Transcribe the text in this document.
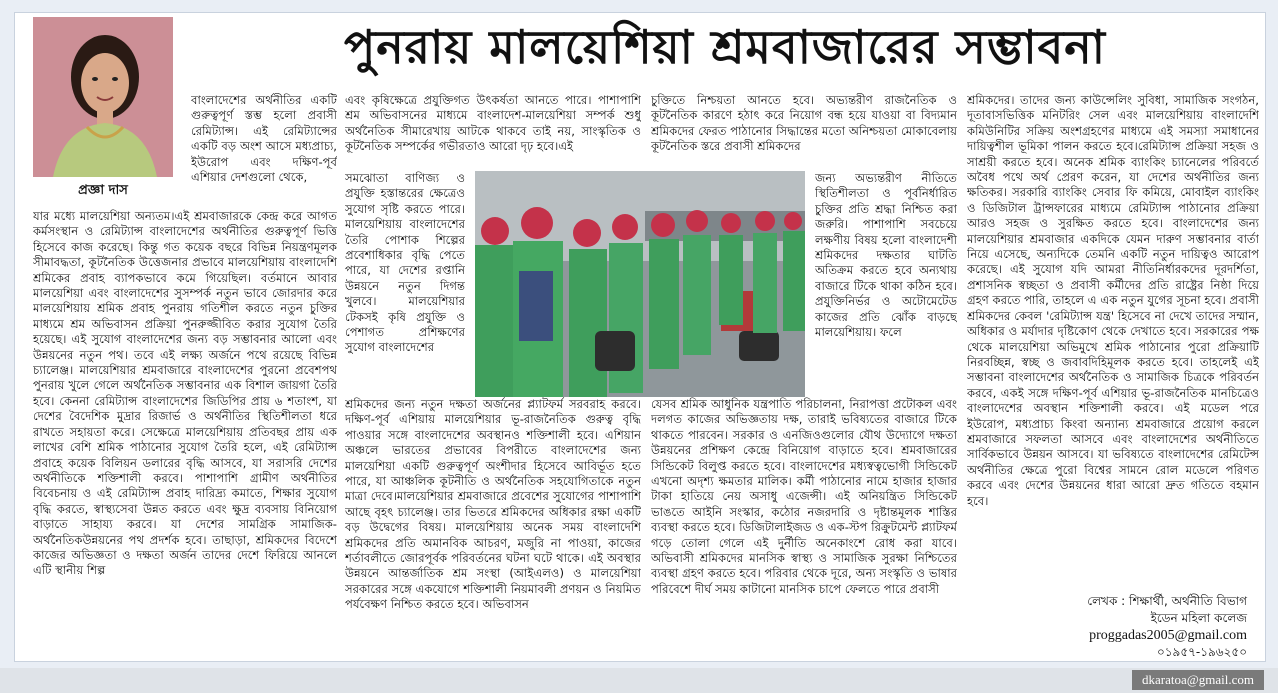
পুনরায় মালয়েশিয়া শ্রমবাজারের সম্ভাবনা
প্রজ্ঞা দাস

বাংলাদেশের অর্থনীতির একটি গুরুত্বপূর্ণ স্তম্ভ হলো প্রবাসী রেমিট্যান্স। এই রেমিট্যান্সের একটি বড় অংশ আসে মধ্যপ্রাচ্য, ইউরোপ এবং দক্ষিণ-পূর্ব এশিয়ার দেশগুলো থেকে,

যার মধ্যে মালয়েশিয়া অন্যতম।এই শ্রমবাজারকে কেন্দ্র করে আগত কর্মসংস্থান ও রেমিট্যান্স বাংলাদেশের অর্থনীতির গুরুত্বপূর্ণ ভিত্তি হিসেবে কাজ করেছে। কিন্তু গত কয়েক বছরে বিভিন্ন নিয়ন্ত্রণমূলক সীমাবদ্ধতা, কূটনৈতিক উত্তেজনার প্রভাবে মালয়েশিয়ায় বাংলাদেশি শ্রমিকের প্রবাহ ব্যাপকভাবে কমে গিয়েছিল। বর্তমানে আবার মালয়েশিয়া এবং বাংলাদেশের সুসম্পর্ক নতুন ভাবে জোরদার করে মালয়েশিয়ায় শ্রমিক প্রবাহ পুনরায় গতিশীল করতে নতুন চুক্তির মাধ্যমে শ্রম অভিবাসন প্রক্রিয়া পুনরুজ্জীবিত করার সুযোগ তৈরি হয়েছে। এই সুযোগ বাংলাদেশের জন্য বড় সম্ভাবনার আলো এবং উন্নয়নের নতুন পথ। তবে এই লক্ষ্য অর্জনে পথে রয়েছে বিভিন্ন চ্যালেঞ্জ। মালয়েশিয়ার শ্রমবাজারে বাংলাদেশের পুরনো প্রবেশপথ পুনরায় খুলে গেলে অর্থনৈতিক সম্ভাবনার এক বিশাল জায়গা তৈরি হবে। কেননা রেমিট্যান্স বাংলাদেশের জিডিপির প্রায় ৬ শতাংশ, যা দেশের বৈদেশিক মুদ্রার রিজার্ভ ও অর্থনীতির স্থিতিশীলতা ধরে রাখতে সহায়তা করে। সেক্ষেত্রে মালয়েশিয়ায় প্রতিবছর প্রায় এক লাখের বেশি শ্রমিক পাঠানোর সুযোগ তৈরি হলে, এই রেমিট্যান্স প্রবাহে কয়েক বিলিয়ন ডলারের বৃদ্ধি আসবে, যা সরাসরি দেশের অর্থনীতিকে শক্তিশালী করবে। পাশাপাশি গ্রামীণ অর্থনীতির বিবেচনায় ও এই রেমিট্যান্স প্রবাহ দারিদ্র্য কমাতে, শিক্ষার সুযোগ বৃদ্ধি করতে, স্বাস্থ্যসেবা উন্নত করতে এবং ক্ষুদ্র ব্যবসায় বিনিয়োগ বাড়াতে সাহায্য করবে। যা দেশের সামগ্রিক সামাজিক-অর্থনৈতিকউন্নয়নের পথ প্রদর্শক হবে। তাছাড়া, শ্রমিকদের বিদেশে কাজের অভিজ্ঞতা ও দক্ষতা অর্জন তাদের দেশে ফিরিয়ে আনলে এটি স্থানীয় শিল্প

এবং কৃষিক্ষেত্রে প্রযুক্তিগত উৎকর্ষতা আনতে পারে। পাশাপাশি শ্রম অভিবাসনের মাধ্যমে বাংলাদেশ-মালয়েশিয়া সম্পর্ক শুধু অর্থনৈতিক সীমারেখায় আটকে থাকবে তাই নয়, সাংস্কৃতিক ও কূটনৈতিক সম্পর্কের গভীরতাও আরো দৃঢ় হবে।এই

সমঝোতা বাণিজ্য ও প্রযুক্তি হস্তান্তরের ক্ষেত্রেও সুযোগ সৃষ্টি করতে পারে। মালয়েশিয়ায় বাংলাদেশের তৈরি পোশাক শিল্পের প্রবেশাধিকার বৃদ্ধি পেতে পারে, যা দেশের রপ্তানি উন্নয়নে নতুন দিগন্ত খুলবে। মালয়েশিয়ার টেকসই কৃষি প্রযুক্তি ও পেশাগত প্রশিক্ষণের সুযোগ বাংলাদেশের

শ্রমিকদের জন্য নতুন দক্ষতা অর্জনের প্ল্যাটফর্ম সরবরাহ করবে।দক্ষিণ-পূর্ব এশিয়ায় মালয়েশিয়ার ভূ-রাজনৈতিক গুরুত্ব বৃদ্ধি পাওয়ার সঙ্গে বাংলাদেশের অবস্থানও শক্তিশালী হবে। এশিয়ান অঞ্চলে ভারতের প্রভাবের বিপরীতে বাংলাদেশের জন্য মালয়েশিয়া একটি গুরুত্বপূর্ণ অংশীদার হিসেবে আবির্ভূত হতে পারে, যা আঞ্চলিক কূটনীতি ও অর্থনৈতিক সহযোগিতাকে নতুন মাত্রা দেবে।মালয়েশিয়ার শ্রমবাজারে প্রবেশের সুযোগের পাশাপাশি আছে বৃহৎ চ্যালেঞ্জ। তার ভিতরে শ্রমিকদের অধিকার রক্ষা একটি বড় উদ্বেগের বিষয়। মালয়েশিয়ায় অনেক সময় বাংলাদেশি শ্রমিকদের প্রতি অমানবিক আচরণ, মজুরি না পাওয়া, কাজের শর্তাবলীতে জোরপূর্বক পরিবর্তনের ঘটনা ঘটে থাকে। এই অবস্থার উন্নয়নে আন্তর্জাতিক শ্রম সংস্থা (আইএলও) ও মালয়েশিয়া সরকারের সঙ্গে একযোগে শক্তিশালী নিয়মাবলী প্রণয়ন ও নিয়মিত পর্যবেক্ষণ নিশ্চিত করতে হবে। অভিবাসন

চুক্তিতে নিশ্চয়তা আনতে হবে। অভ্যন্তরীণ রাজনৈতিক ও কূটনৈতিক কারণে হঠাৎ করে নিয়োগ বন্ধ হয়ে যাওয়া বা বিদ্যমান শ্রমিকদের ফেরত পাঠানোর সিদ্ধান্তের মতো অনিশ্চয়তা মোকাবেলায় কূটনৈতিক স্তরে প্রবাসী শ্রমিকদের

জন্য অভ্যন্তরীণ নীতিতে স্থিতিশীলতা ও পূর্বনির্ধারিত চুক্তির প্রতি শ্রদ্ধা নিশ্চিত করা জরুরি। পাশাপাশি সবচেয়ে লক্ষণীয় বিষয় হলো বাংলাদেশী শ্রমিকদের দক্ষতার ঘাটতি অতিক্রম করতে হবে অন্যথায় বাজারে টিকে থাকা কঠিন হবে। প্রযুক্তিনির্ভর ও অটোমেটেড কাজের প্রতি ঝোঁক বাড়ছে মালয়েশিয়ায়। ফলে

যেসব শ্রমিক আধুনিক যন্ত্রপাতি পরিচালনা, নিরাপত্তা প্রটোকল এবং দলগত কাজের অভিজ্ঞতায় দক্ষ, তারাই ভবিষ্যতের বাজারে টিকে থাকতে পারবেন। সরকার ও এনজিওগুলোর যৌথ উদ্যোগে দক্ষতা উন্নয়নের প্রশিক্ষণ কেন্দ্রে বিনিয়োগ বাড়াতে হবে। শ্রমবাজারের সিন্ডিকেট বিলুপ্ত করতে হবে। বাংলাদেশের মধ্যস্বত্বভোগী সিন্ডিকেট এখনো অদৃশ্য ক্ষমতার মালিক। কর্মী পাঠানোর নামে হাজার হাজার টাকা হাতিয়ে নেয় অসাধু এজেন্সী। এই অনিয়ন্ত্রিত সিন্ডিকেট ভাঙতে আইনি সংস্কার, কঠোর নজরদারি ও দৃষ্টান্তমূলক শাস্তির ব্যবস্থা করতে হবে। ডিজিটালাইজড ও এক-স্টপ রিক্রুটমেন্ট প্ল্যাটফর্ম গড়ে তোলা গেলে এই দুর্নীতি অনেকাংশে রোধ করা যাবে। অভিবাসী শ্রমিকদের মানসিক স্বাস্থ্য ও সামাজিক সুরক্ষা নিশ্চিতের ব্যবস্থা গ্রহণ করতে হবে। পরিবার থেকে দূরে, অন্য সংস্কৃতি ও ভাষার পরিবেশে দীর্ঘ সময় কাটানো মানসিক চাপে ফেলতে পারে প্রবাসী

শ্রমিকদের। তাদের জন্য কাউন্সেলিং সুবিধা, সামাজিক সংগঠন, দূতাবাসভিত্তিক মনিটরিং সেল এবং মালয়েশিয়ায় বাংলাদেশি কমিউনিটির সক্রিয় অংশগ্রহণের মাধ্যমে এই সমস্যা সমাধানের দায়িত্বশীল ভূমিকা পালন করতে হবে।রেমিট্যান্স প্রক্রিয়া সহজ ও সাশ্রয়ী করতে হবে। অনেক শ্রমিক ব্যাংকিং চ্যানেলের পরিবর্তে অবৈধ পথে অর্থ প্রেরণ করেন, যা দেশের অর্থনীতির জন্য ক্ষতিকর। সরকারি ব্যাংকিং সেবার ফি কমিয়ে, মোবাইল ব্যাংকিং ও ডিজিটাল ট্রান্সফারের মাধ্যমে রেমিট্যান্স পাঠানোর প্রক্রিয়া আরও সহজ ও সুরক্ষিত করতে হবে। বাংলাদেশের জন্য মালয়েশিয়ার শ্রমবাজার একদিকে যেমন দারুণ সম্ভাবনার বার্তা নিয়ে এসেছে, অন্যদিকে তেমনি একটি নতুন দায়িত্বও আরোপ করেছে। এই সুযোগ যদি আমরা নীতিনির্ধারকদের দূরদর্শিতা, প্রশাসনিক স্বচ্ছতা ও প্রবাসী কর্মীদের প্রতি রাষ্ট্রের নিষ্ঠা দিয়ে গ্রহণ করতে পারি, তাহলে এ এক নতুন যুগের সূচনা হবে। প্রবাসী শ্রমিকদের কেবল 'রেমিট্যান্স যন্ত্র' হিসেবে না দেখে তাদের সম্মান, অধিকার ও মর্যাদার দৃষ্টিকোণ থেকে দেখাতে হবে। সরকারের পক্ষ থেকে মালয়েশিয়া অভিমুখে শ্রমিক পাঠানোর পুরো প্রক্রিয়াটি নিরবচ্ছিন্ন, স্বচ্ছ ও জবাবদিহিমূলক করতে হবে। তাহলেই এই সম্ভাবনা বাংলাদেশের অর্থনৈতিক ও সামাজিক চিত্রকে পরিবর্তন করবে, একই সঙ্গে দক্ষিণ-পূর্ব এশিয়ার ভূ-রাজনৈতিক মানচিত্রেও বাংলাদেশের অবস্থান শক্তিশালী করবে। এই মডেল পরে ইউরোপ, মধ্যপ্রাচ্য কিংবা অন্যান্য শ্রমবাজারে প্রয়োগ করলে শ্রমবাজারে সফলতা আসবে এবং বাংলাদেশের অর্থনীতিতে সার্বিকভাবে উন্নয়ন আসবে। যা ভবিষ্যতে বাংলাদেশের রেমিটেন্স অর্থনীতির ক্ষেত্রে পুরো বিশ্বের সামনে রোল মডেলে পরিণত করবে এবং দেশের উন্নয়নের ধারা আরো দ্রুত গতিতে বহমান হবে।

লেখক : শিক্ষার্থী, অর্থনীতি বিভাগ
ইডেন মহিলা কলেজ
proggadas2005@gmail.com
০১৯৫৭-১৯৬২৫০
dkaratoa@gmail.com
